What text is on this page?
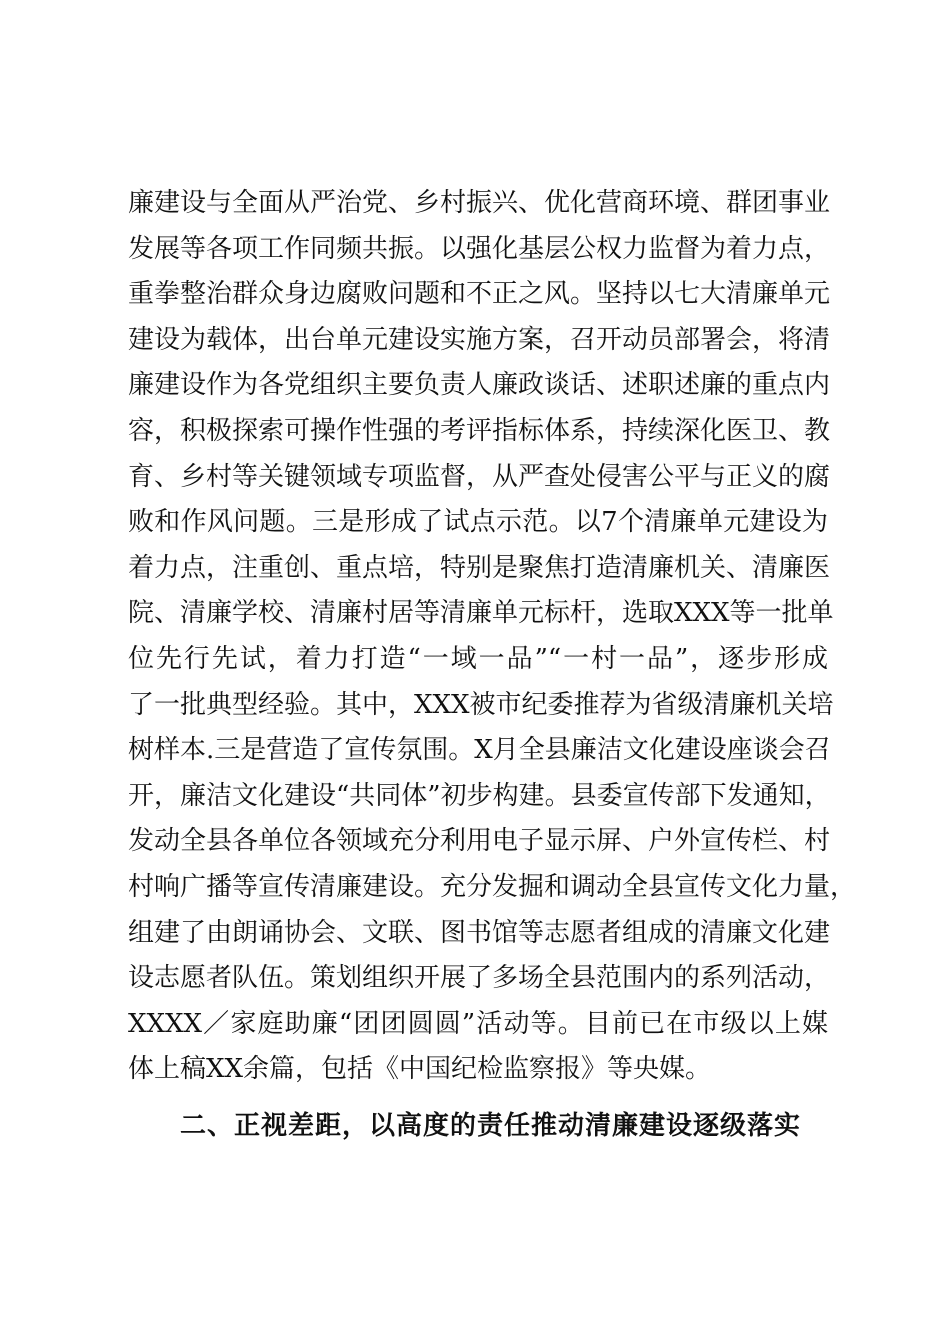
廉建设与全面从严治党、乡村振兴、优化营商环境、群团事业
发展等各项工作同频共振。以强化基层公权力监督为着力点，
重拳整治群众身边腐败问题和不正之风。坚持以七大清廉单元
建设为载体，出台单元建设实施方案，召开动员部署会，将清
廉建设作为各党组织主要负责人廉政谈话、述职述廉的重点内
容，积极探索可操作性强的考评指标体系，持续深化医卫、教
育、乡村等关键领域专项监督，从严查处侵害公平与正义的腐
败和作风问题。三是形成了试点示范。以7个清廉单元建设为
着力点，注重创、重点培，特别是聚焦打造清廉机关、清廉医
院、清廉学校、清廉村居等清廉单元标杆，选取XXX等一批单
位先行先试，着力打造“一域一品”“一村一品”，逐步形成
了一批典型经验。其中，XXX被市纪委推荐为省级清廉机关培
树样本.三是营造了宣传氛围。X月全县廉洁文化建设座谈会召
开，廉洁文化建设“共同体”初步构建。县委宣传部下发通知，
发动全县各单位各领域充分利用电子显示屏、户外宣传栏、村
村响广播等宣传清廉建设。充分发掘和调动全县宣传文化力量，
组建了由朗诵协会、文联、图书馆等志愿者组成的清廉文化建
设志愿者队伍。策划组织开展了多场全县范围内的系列活动，
XXXX／家庭助廉“团团圆圆”活动等。目前已在市级以上媒
体上稿XX余篇，包括《中国纪检监察报》等央媒。
二、正视差距，以高度的责任推动清廉建设逐级落实
